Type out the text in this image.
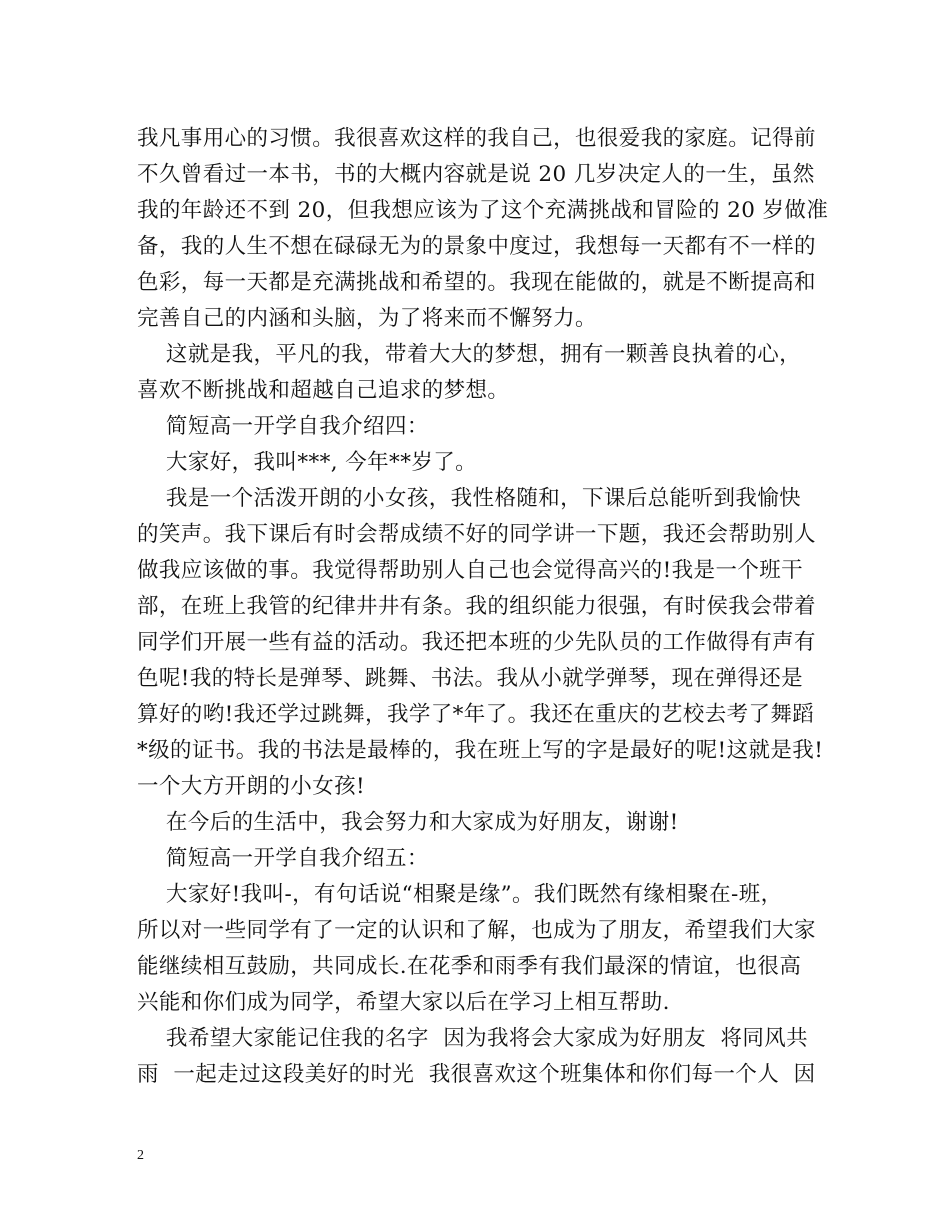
我凡事用心的习惯。我很喜欢这样的我自己，也很爱我的家庭。记得前
不久曾看过一本书，书的大概内容就是说 20 几岁决定人的一生，虽然
我的年龄还不到 20，但我想应该为了这个充满挑战和冒险的 20 岁做准
备，我的人生不想在碌碌无为的景象中度过，我想每一天都有不一样的
色彩，每一天都是充满挑战和希望的。我现在能做的，就是不断提高和
完善自己的内涵和头脑，为了将来而不懈努力。
这就是我，平凡的我，带着大大的梦想，拥有一颗善良执着的心，
喜欢不断挑战和超越自己追求的梦想。
简短高一开学自我介绍四：
大家好，我叫***, 今年**岁了。
我是一个活泼开朗的小女孩，我性格随和，下课后总能听到我愉快
的笑声。我下课后有时会帮成绩不好的同学讲一下题，我还会帮助别人
做我应该做的事。我觉得帮助别人自己也会觉得高兴的!我是一个班干
部，在班上我管的纪律井井有条。我的组织能力很强，有时侯我会带着
同学们开展一些有益的活动。我还把本班的少先队员的工作做得有声有
色呢!我的特长是弹琴、跳舞、书法。我从小就学弹琴，现在弹得还是
算好的哟!我还学过跳舞，我学了*年了。我还在重庆的艺校去考了舞蹈
*级的证书。我的书法是最棒的，我在班上写的字是最好的呢!这就是我!
一个大方开朗的小女孩!
在今后的生活中，我会努力和大家成为好朋友，谢谢!
简短高一开学自我介绍五：
大家好!我叫-，有句话说“相聚是缘”。我们既然有缘相聚在-班，
所以对一些同学有了一定的认识和了解，也成为了朋友，希望我们大家
能继续相互鼓励，共同成长.在花季和雨季有我们最深的情谊，也很高
兴能和你们成为同学，希望大家以后在学习上相互帮助.
我希望大家能记住我的名字  因为我将会大家成为好朋友  将同风共
雨  一起走过这段美好的时光  我很喜欢这个班集体和你们每一个人  因
2
